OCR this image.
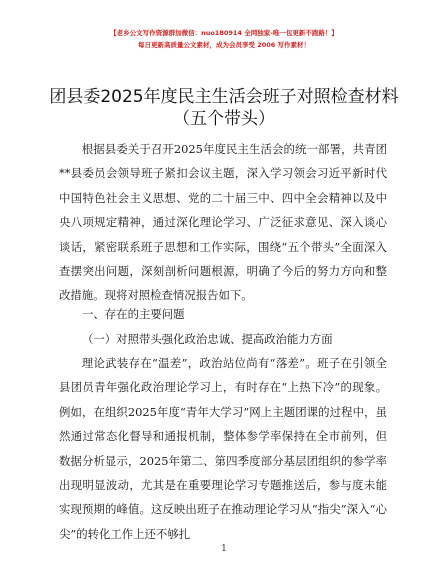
【老乡公文写作资源群加微信：nuo180914 全网独家-唯一包更新不跑路！】
每日更新高质量公文素材，成为会员享受 2006 写作素材！
团县委2025年度民主生活会班子对照检查材料
（五个带头）

根据县委关于召开2025年度民主生活会的统一部署，共青团**县委员会领导班子紧扣会议主题，深入学习领会习近平新时代中国特色社会主义思想、党的二十届三中、四中全会精神以及中央八项规定精神，通过深化理论学习、广泛征求意见、深入谈心谈话，紧密联系班子思想和工作实际，围绕“五个带头”全面深入查摆突出问题，深刻剖析问题根源，明确了今后的努力方向和整改措施。现将对照检查情况报告如下。

一、存在的主要问题

（一）对照带头强化政治忠诚、提高政治能力方面

理论武装存在“温差”，政治站位尚有“落差”。班子在引领全县团员青年强化政治理论学习上，有时存在“上热下冷”的现象。例如，在组织2025年度“青年大学习”网上主题团课的过程中，虽然通过常态化督导和通报机制，整体参学率保持在全市前列，但数据分析显示，2025年第二、第四季度部分基层团组织的参学率出现明显波动，尤其是在重要理论学习专题推送后，参与度未能实现预期的峰值。这反映出班子在推动理论学习从“指尖”深入“心尖”的转化工作上还不够扎

1
